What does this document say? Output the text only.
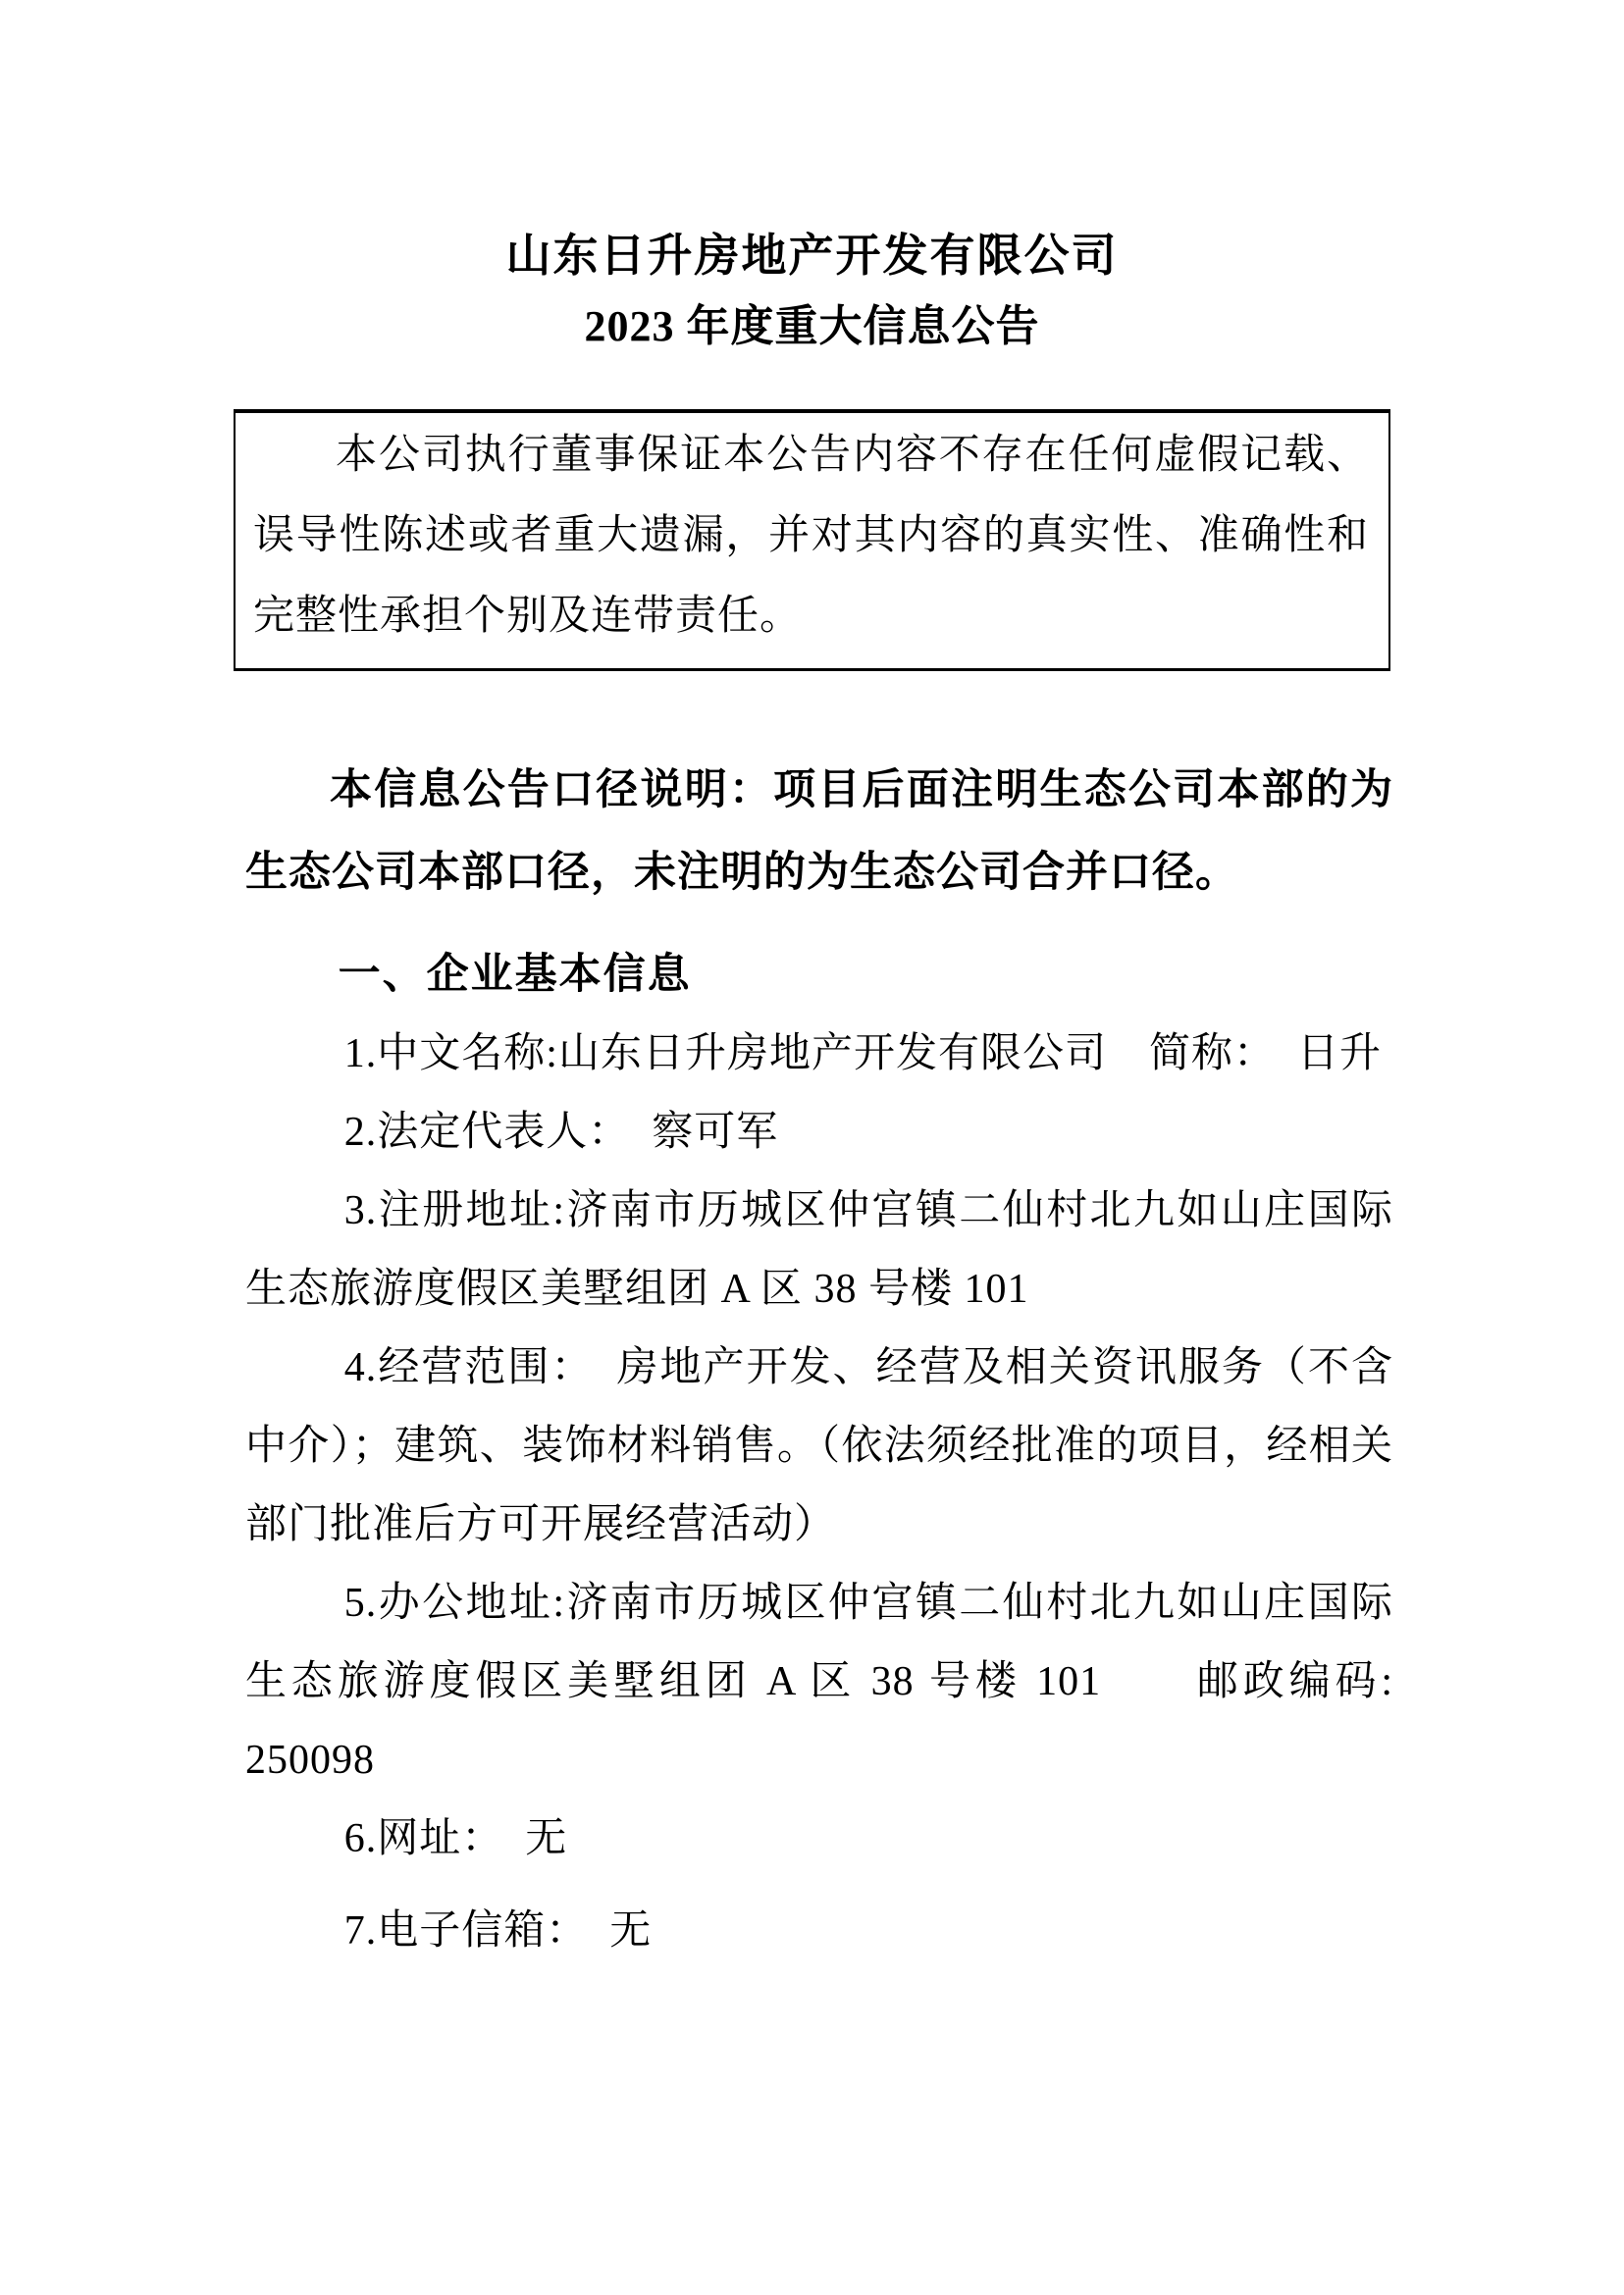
山东日升房地产开发有限公司
2023 年度重大信息公告

本公司执行董事保证本公告内容不存在任何虚假记载、误导性陈述或者重大遗漏，并对其内容的真实性、准确性和完整性承担个别及连带责任。

本信息公告口径说明：项目后面注明生态公司本部的为生态公司本部口径，未注明的为生态公司合并口径。

一、企业基本信息

1.中文名称:山东日升房地产开发有限公司　简称：　日升

2.法定代表人：　察可军

3.注册地址:济南市历城区仲宫镇二仙村北九如山庄国际生态旅游度假区美墅组团 A 区 38 号楼 101

4.经营范围：　房地产开发、经营及相关资讯服务（不含中介）；建筑、装饰材料销售。（依法须经批准的项目，经相关部门批准后方可开展经营活动）

5.办公地址:济南市历城区仲宫镇二仙村北九如山庄国际生态旅游度假区美墅组团 A 区 38 号楼 101　　邮政编码: 250098

6.网址：　无

7.电子信箱：　无
